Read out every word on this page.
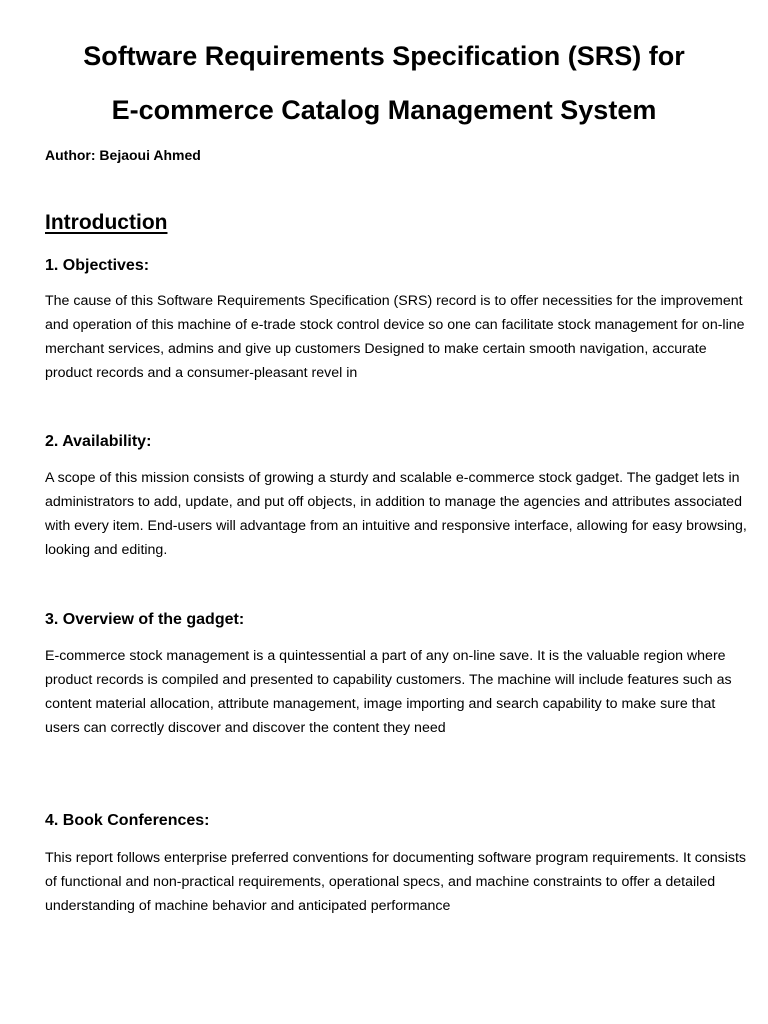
Software Requirements Specification (SRS) for
E-commerce Catalog Management System

Author: Bejaoui Ahmed

Introduction
1. Objectives:

The cause of this Software Requirements Specification (SRS) record is to offer necessities for the improvement and operation of this machine of e-trade stock control device so one can facilitate stock management for on-line merchant services, admins and give up customers Designed to make certain smooth navigation, accurate product records and a consumer-pleasant revel in

2. Availability:

A scope of this mission consists of growing a sturdy and scalable e-commerce stock gadget. The gadget lets in administrators to add, update, and put off objects, in addition to manage the agencies and attributes associated with every item. End-users will advantage from an intuitive and responsive interface, allowing for easy browsing, looking and editing.

3. Overview of the gadget:

E-commerce stock management is a quintessential a part of any on-line save. It is the valuable region where product records is compiled and presented to capability customers. The machine will include features such as content material allocation, attribute management, image importing and search capability to make sure that users can correctly discover and discover the content they need

4. Book Conferences:

This report follows enterprise preferred conventions for documenting software program requirements. It consists of functional and non-practical requirements, operational specs, and machine constraints to offer a detailed understanding of machine behavior and anticipated performance
